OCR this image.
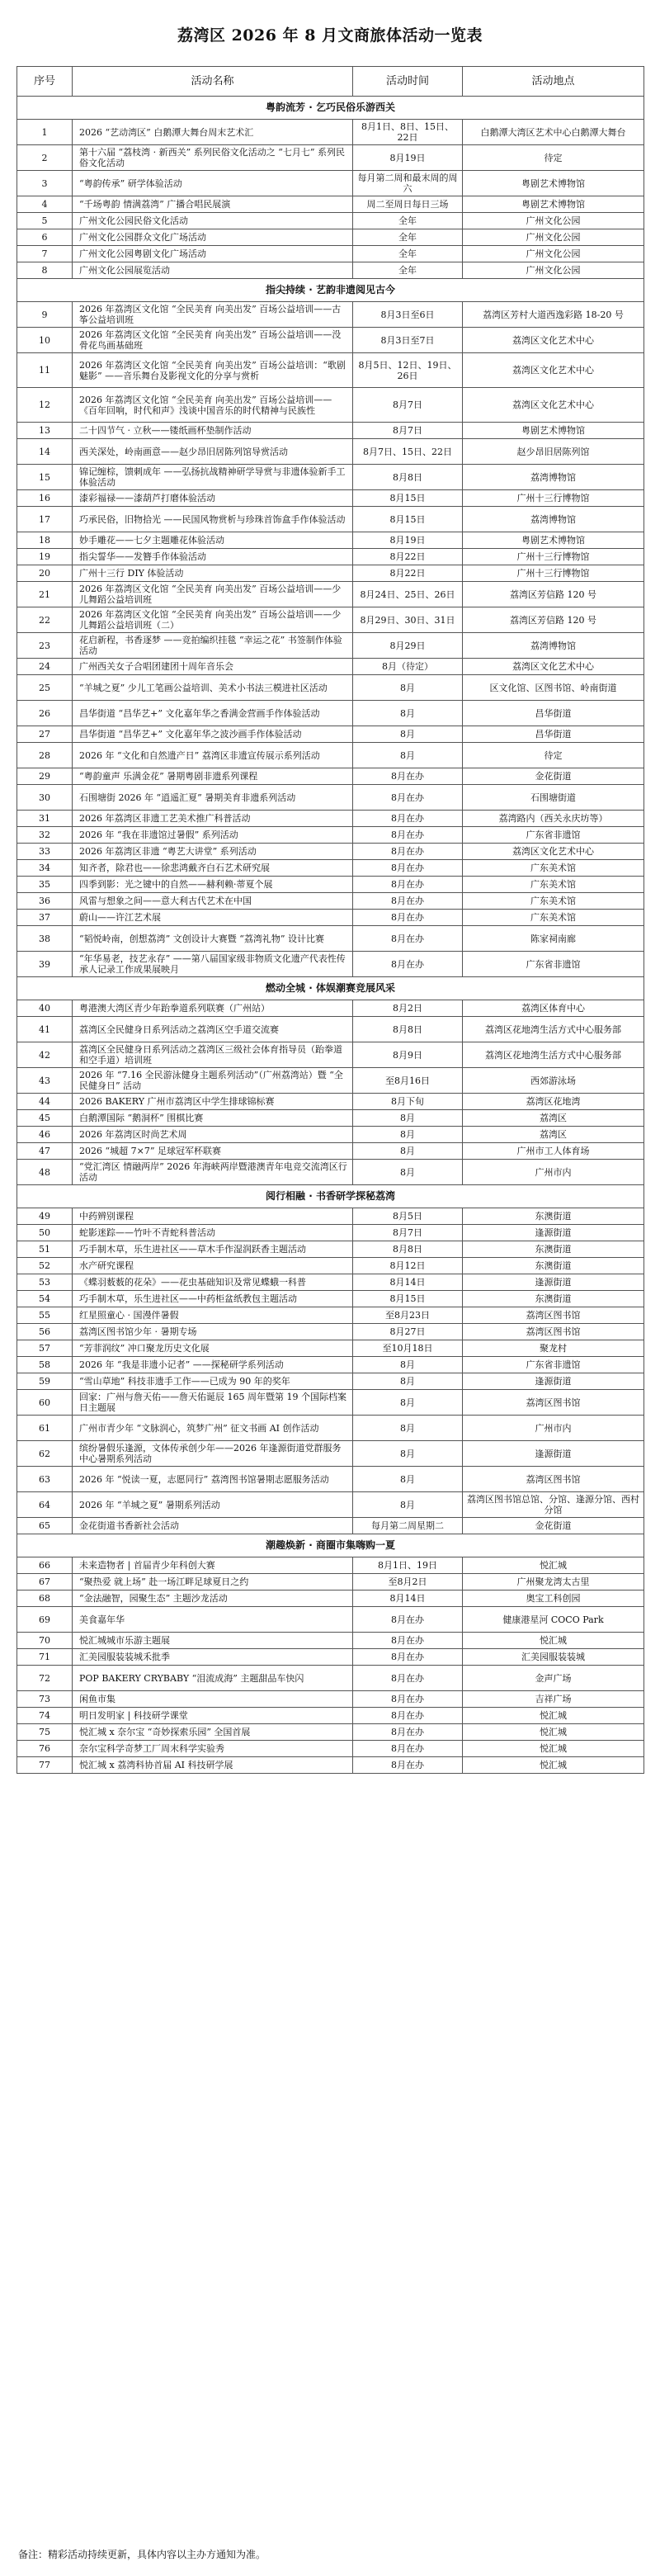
荔湾区 2026 年 8 月文商旅体活动一览表
序号	活动名称	活动时间	活动地点
粤韵流芳 · 乞巧民俗乐游西关			
1	2026 “艺动湾区” 白鹅潭大舞台周末艺术汇	8月1日、8日、15日、22日	白鹅潭大湾区艺术中心白鹅潭大舞台
2	第十六届 “荔枝湾 · 新西关” 系列民俗文化活动之 “七月七” 系列民俗文化活动	8月19日	待定
3	“粤韵传承” 研学体验活动	每月第二周和最末周的周六	粤剧艺术博物馆
4	“千场粤韵 情满荔湾” 广播合唱民展演	周二至周日每日三场	粤剧艺术博物馆
5	广州文化公园民俗文化活动	全年	广州文化公园
6	广州文化公园群众文化广场活动	全年	广州文化公园
7	广州文化公园粤剧文化广场活动	全年	广州文化公园
8	广州文化公园展览活动	全年	广州文化公园
指尖持续 · 艺韵非遗阅见古今			
9	2026 年荔湾区文化馆 “全民美育 向美出发” 百场公益培训——古筝公益培训班	8月3日至6日	荔湾区芳村大道西逸彩路 18-20 号
10	2026 年荔湾区文化馆 “全民美育 向美出发” 百场公益培训——没骨花鸟画基础班	8月3日至7日	荔湾区文化艺术中心
11	2026 年荔湾区文化馆 “全民美育 向美出发” 百场公益培训：“歌剧魅影” ——音乐舞台及影视文化的分享与赏析	8月5日、12日、19日、26日	荔湾区文化艺术中心
12	2026 年荔湾区文化馆 “全民美育 向美出发” 百场公益培训——《百年回响，时代和声》浅谈中国音乐的时代精神与民族性	8月7日	荔湾区文化艺术中心
13	二十四节气 · 立秋——镂纸画杯垫制作活动	8月7日	粤剧艺术博物馆
14	西关深处，岭南画意——赵少昂旧居陈列馆导赏活动	8月7日、15日、22日	赵少昂旧居陈列馆
15	锦记缠棕，馈刺成年 ——弘扬抗战精神研学导赏与非遗体验新手工体验活动	8月8日	荔湾博物馆
16	漆彩福禄——漆葫芦打磨体验活动	8月15日	广州十三行博物馆
17	巧承民俗，旧物拾光 ——民国风物赏析与珍珠首饰盒手作体验活动	8月15日	荔湾博物馆
18	妙手雕花——七夕主题雕花体验活动	8月19日	粤剧艺术博物馆
19	指尖誓华——发簪手作体验活动	8月22日	广州十三行博物馆
20	广州十三行 DIY 体验活动	8月22日	广州十三行博物馆
21	2026 年荔湾区文化馆 “全民美育 向美出发” 百场公益培训——少儿舞蹈公益培训班	8月24日、25日、26日	荔湾区芳信路 120 号
22	2026 年荔湾区文化馆 “全民美育 向美出发” 百场公益培训——少儿舞蹈公益培训班（二）	8月29日、30日、31日	荔湾区芳信路 120 号
23	花启新程，书香逐梦 ——竞拍编织挂毯 “幸运之花” 书签制作体验活动	8月29日	荔湾博物馆
24	广州西关女子合唱团建团十周年音乐会	8月（待定）	荔湾区文化艺术中心
25	“羊城之夏” 少儿工笔画公益培训、美术小书法三模进社区活动	8月	区文化馆、区图书馆、岭南街道
26	昌华街道 “昌华艺+” 文化嘉年华之香满金营画手作体验活动	8月	昌华街道
27	昌华街道 “昌华艺+” 文化嘉年华之波沙画手作体验活动	8月	昌华街道
28	2026 年 “文化和自然遗产日” 荔湾区非遗宣传展示系列活动	8月	待定
29	“粤韵童声 乐满金花” 暑期粤剧非遗系列课程	8月在办	金花街道
30	石围塘街 2026 年 “逍遥汇夏” 暑期美育非遗系列活动	8月在办	石围塘街道
31	2026 年荔湾区非遗工艺美术推广科普活动	8月在办	荔湾路内（西关永庆坊等）
32	2026 年 “我在非遗馆过暑假” 系列活动	8月在办	广东省非遗馆
33	2026 年荔湾区非遗 “粤艺大讲堂” 系列活动	8月在办	荔湾区文化艺术中心
34	知齐者，除君也——徐悲鸿戴齐白石艺术研究展	8月在办	广东美术馆
35	四季到影：光之键中的自然——赫利赖·蒂夏个展	8月在办	广东美术馆
36	风雷与想象之间——意大利古代艺术在中国	8月在办	广东美术馆
37	蔚山——许江艺术展	8月在办	广东美术馆
38	“韬悦岭南，创想荔湾” 文创设计大赛暨 “荔湾礼物” 设计比赛	8月在办	陈家祠南廊
39	“年华易老，技艺永存” ——第八届国家级非物质文化遗产代表性传承人记录工作成果展映月	8月在办	广东省非遗馆
燃动全城 · 体娱潮赛竞展风采			
40	粤港澳大湾区青少年跆拳道系列联赛（广州站）	8月2日	荔湾区体育中心
41	荔湾区全民健身日系列活动之荔湾区空手道交流赛	8月8日	荔湾区花地湾生活方式中心服务部
42	荔湾区全民健身日系列活动之荔湾区三级社会体育指导员（跆拳道和空手道）培训班	8月9日	荔湾区花地湾生活方式中心服务部
43	2026 年 “7.16 全民游泳健身主题系列活动”（广州荔湾站）暨 “全民健身日” 活动	至8月16日	西郊游泳场
44	2026 BAKERY 广州市荔湾区中学生排球锦标赛	8月下旬	荔湾区花地湾
45	白鹅潭国际 “鹅洞杯” 围棋比赛	8月	荔湾区
46	2026 年荔湾区时尚艺术周	8月	荔湾区
47	2026 “城超 7×7” 足球冠军杯联赛	8月	广州市工人体育场
48	“党汇湾区 情融两岸” 2026 年海峡两岸暨港澳青年电竞交流湾区行活动	8月	广州市内
阅行相融 · 书香研学探秘荔湾			
49	中药辨别课程	8月5日	东澳街道
50	蛇影迷踪——竹叶不青蛇科普活动	8月7日	逢源街道
51	巧手制木草，乐生进社区——草木手作湿润跃香主题活动	8月8日	东澳街道
52	水产研究课程	8月12日	东澳街道
53	《蝶羽薮薮的花朵》——花虫基础知识及常见蝶蛾一科普	8月14日	逢源街道
54	巧手制木草，乐生进社区——中药柜盆纸教包主题活动	8月15日	东澳街道
55	红星照童心 · 国漫伴暑假	至8月23日	荔湾区图书馆
56	荔湾区图书馆少年 · 暑期专场	8月27日	荔湾区图书馆
57	“芳菲润纹” 冲口聚龙历史文化展	至10月18日	聚龙村
58	2026 年 “我是非遗小记者” ——探秘研学系列活动	8月	广东省非遗馆
59	“雪山草地” 科技非遗手工作——已成为 90 年的奖年	8月	逢源街道
60	回家：广州与詹天佑——詹天佑诞辰 165 周年暨第 19 个国际档案日主题展	8月	荔湾区图书馆
61	广州市青少年 “文脉润心，筑梦广州” 征文书画 AI 创作活动	8月	广州市内
62	缤纷暑假乐逢源，文体传承创少年——2026 年逢源街道党群服务中心暑期系列活动	8月	逢源街道
63	2026 年 “悦读一夏，志愿同行” 荔湾图书馆暑期志愿服务活动	8月	荔湾区图书馆
64	2026 年 “羊城之夏” 暑期系列活动	8月	荔湾区图书馆总馆、分馆、逢源分馆、西村分馆
65	金花街道书香新社会活动	每月第二周星期二	金花街道
潮趣焕新 · 商圈市集嗨购一夏			
66	未来造物者 | 首届青少年科创大赛	8月1日、19日	悦汇城
67	“聚热爱 就上场” 赴一场江畔足球夏日之约	至8月2日	广州聚龙湾太古里
68	“金法融智，园聚生态” 主题沙龙活动	8月14日	奥宝工科创园
69	美食嘉年华	8月在办	健康港星河 COCO Park
70	悦汇城城市乐游主题展	8月在办	悦汇城
71	汇美园服装装城禾批季	8月在办	汇美园服装装城
72	POP BAKERY CRYBABY “泪流成海” 主题甜品车快闪	8月在办	金声广场
73	闲鱼市集	8月在办	吉祥广场
74	明日发明家 | 科技研学课堂	8月在办	悦汇城
75	悦汇城 x 奈尔宝 “奇妙探索乐园” 全国首展	8月在办	悦汇城
76	奈尔宝科学奇梦工厂周末科学实验秀	8月在办	悦汇城
77	悦汇城 x 荔湾科协首届 AI 科技研学展	8月在办	悦汇城
备注：精彩活动持续更新，具体内容以主办方通知为准。
